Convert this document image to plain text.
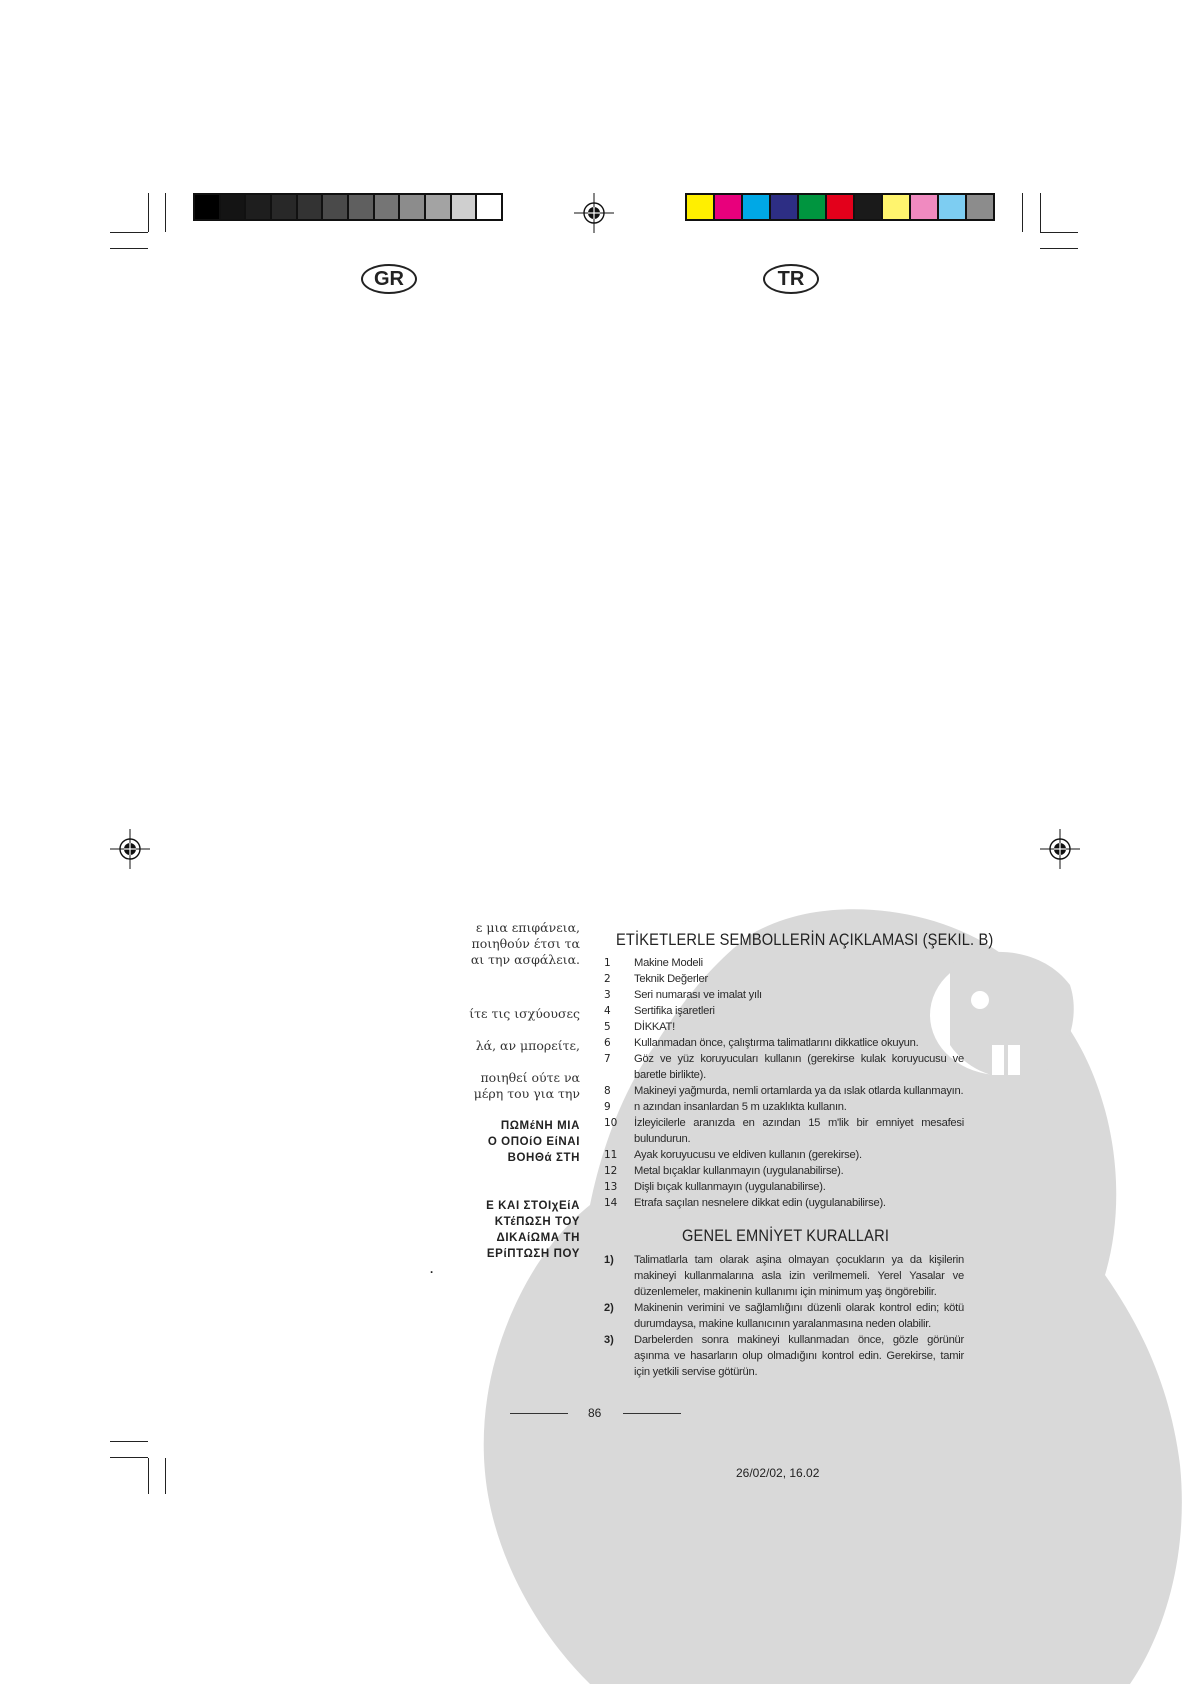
GR	TR
ε μια επιφάνεια,
ποιηθούν έτσι τα
αι την ασφάλεια.
ίτε τις ισχύουσες
λά, αν μπορείτε,
ποιηθεί ούτε να
μέρη του για την
ΠΩΜέΝΗ ΜΙΑ
Ο ΟΠΟίΟ ΕίΝΑΙ
ΒΟΗΘά ΣΤΗ
Ε ΚΑΙ ΣΤΟΙχΕίΑ
ΚΤέΠΩΣΗ ΤΟΥ
ΔΙΚΑίΩΜΑ ΤΗ
ΕΡίΠΤΩΣΗ ΠΟΥ
.
ETİKETLERLE SEMBOLLERİN AÇIKLAMASI (ŞEKIL. B)
1	Makine Modeli
2	Teknik Değerler
3	Seri numarası ve imalat yılı
4	Sertifika işaretleri
5	DİKKAT!
6	Kullanmadan önce, çalıştırma talimatlarını dikkatlice okuyun.
7	Göz ve yüz koruyucuları kullanın (gerekirse kulak koruyucusu ve baretle birlikte).
8	Makineyi yağmurda, nemli ortamlarda ya da ıslak otlarda kullanmayın.
9	n azından insanlardan 5 m uzaklıkta kullanın.
10	İzleyicilerle aranızda en azından 15 m'lik bir emniyet mesafesi bulundurun.
11	Ayak koruyucusu ve eldiven kullanın (gerekirse).
12	Metal bıçaklar kullanmayın (uygulanabilirse).
13	Dişli bıçak kullanmayın (uygulanabilirse).
14	Etrafa saçılan nesnelere dikkat edin (uygulanabilirse).
GENEL EMNİYET KURALLARI
1)	Talimatlarla tam olarak aşina olmayan çocukların ya da kişilerin makineyi kullanmalarına asla izin verilmemeli. Yerel Yasalar ve düzenlemeler, makinenin kullanımı için minimum yaş öngörebilir.
2)	Makinenin verimini ve sağlamlığını düzenli olarak kontrol edin; kötü durumdaysa, makine kullanıcının yaralanmasına neden olabilir.
3)	Darbelerden sonra makineyi kullanmadan önce, gözle görünür aşınma ve hasarların olup olmadığını kontrol edin. Gerekirse, tamir için yetkili servise götürün.
86
26/02/02, 16.02
